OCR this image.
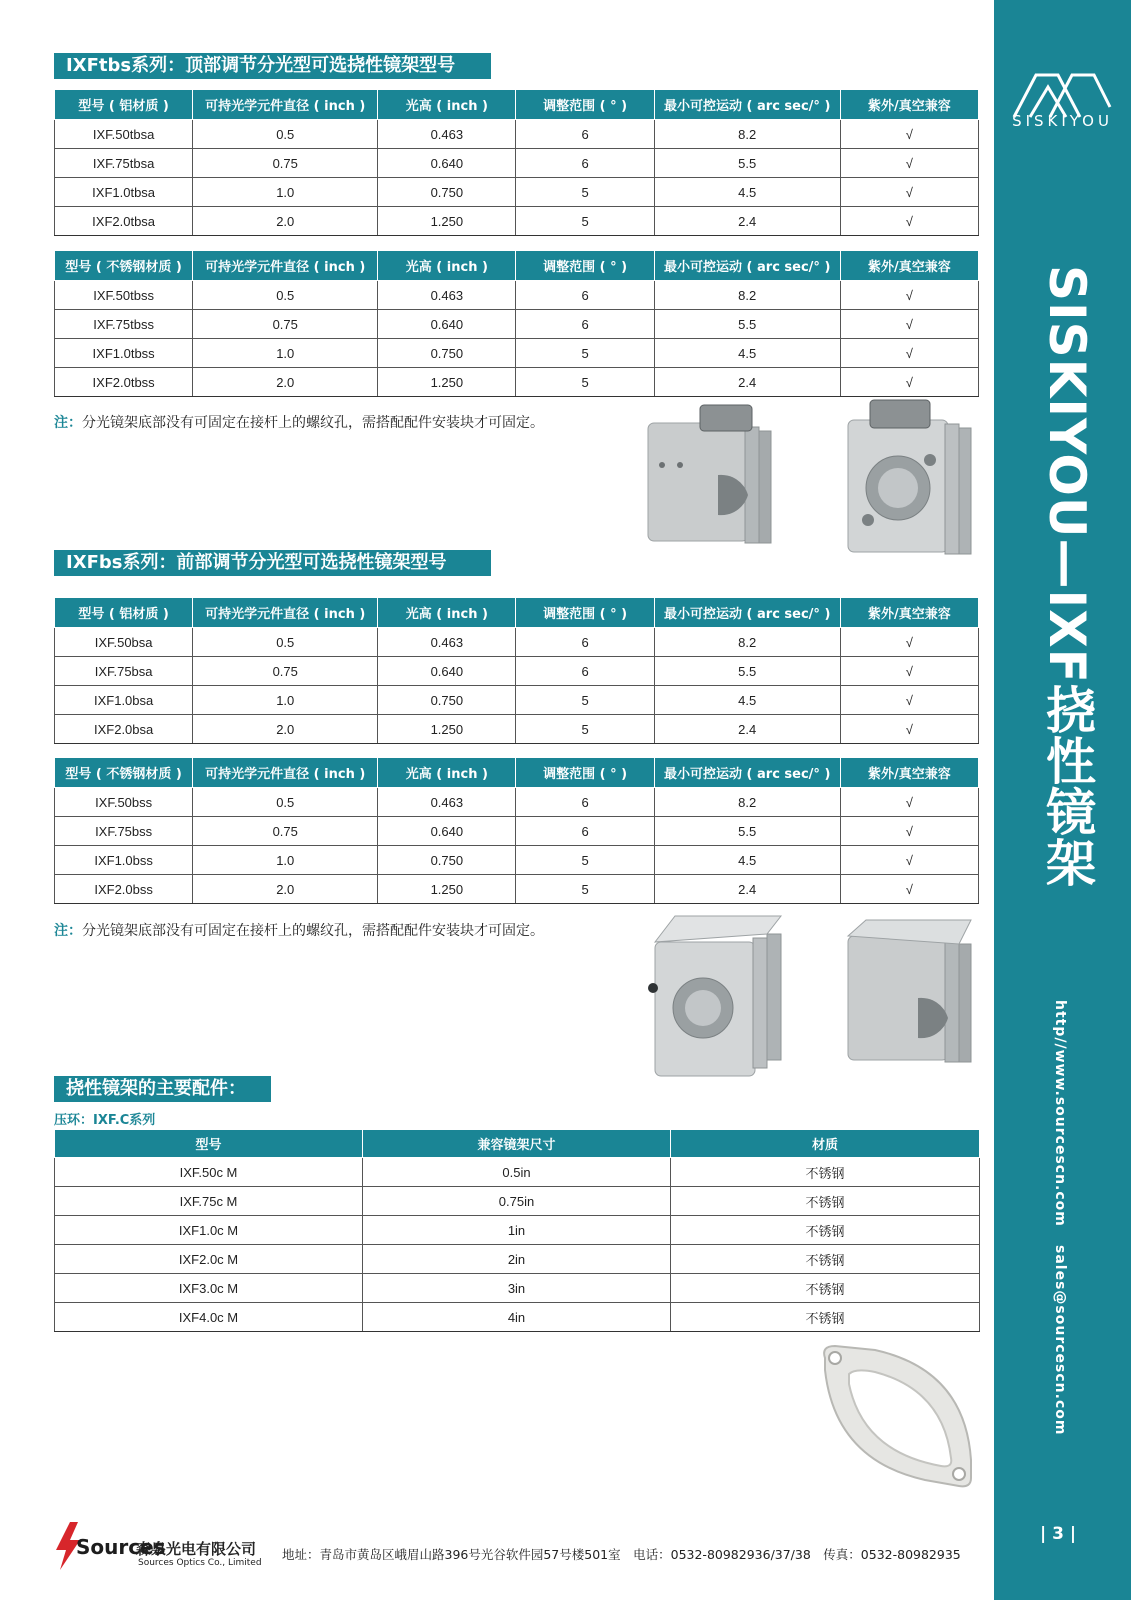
SISKIYOU
SISKIYOU—IXF挠性镜架
http//www.sourcescn.com
sales@sourcescn.com
| 3 |
IXFtbs系列：顶部调节分光型可选挠性镜架型号
型号 ( 铝材质 )	可持光学元件直径 ( inch )	光高 ( inch )	调整范围 ( ° )	最小可控运动 ( arc sec/° )	紫外/真空兼容
IXF.50tbsa	0.5	0.463	6	8.2	√
IXF.75tbsa	0.75	0.640	6	5.5	√
IXF1.0tbsa	1.0	0.750	5	4.5	√
IXF2.0tbsa	2.0	1.250	5	2.4	√
型号 ( 不锈钢材质 )	可持光学元件直径 ( inch )	光高 ( inch )	调整范围 ( ° )	最小可控运动 ( arc sec/° )	紫外/真空兼容
IXF.50tbss	0.5	0.463	6	8.2	√
IXF.75tbss	0.75	0.640	6	5.5	√
IXF1.0tbss	1.0	0.750	5	4.5	√
IXF2.0tbss	2.0	1.250	5	2.4	√
注：分光镜架底部没有可固定在接杆上的螺纹孔，需搭配配件安装块才可固定。
IXFbs系列：前部调节分光型可选挠性镜架型号
型号 ( 铝材质 )	可持光学元件直径 ( inch )	光高 ( inch )	调整范围 ( ° )	最小可控运动 ( arc sec/° )	紫外/真空兼容
IXF.50bsa	0.5	0.463	6	8.2	√
IXF.75bsa	0.75	0.640	6	5.5	√
IXF1.0bsa	1.0	0.750	5	4.5	√
IXF2.0bsa	2.0	1.250	5	2.4	√
型号 ( 不锈钢材质 )	可持光学元件直径 ( inch )	光高 ( inch )	调整范围 ( ° )	最小可控运动 ( arc sec/° )	紫外/真空兼容
IXF.50bss	0.5	0.463	6	8.2	√
IXF.75bss	0.75	0.640	6	5.5	√
IXF1.0bss	1.0	0.750	5	4.5	√
IXF2.0bss	2.0	1.250	5	2.4	√
注：分光镜架底部没有可固定在接杆上的螺纹孔，需搭配配件安装块才可固定。
挠性镜架的主要配件：
压环：IXF.C系列
型号	兼容镜架尺寸	材质
IXF.50c M	0.5in	不锈钢
IXF.75c M	0.75in	不锈钢
IXF1.0c M	1in	不锈钢
IXF2.0c M	2in	不锈钢
IXF3.0c M	3in	不锈钢
IXF4.0c M	4in	不锈钢
Sources
森泉光电有限公司
Sources Optics Co., Limited
地址：青岛市黄岛区峨眉山路396号光谷软件园57号楼501室　电话：0532-80982936/37/38　传真：0532-80982935
